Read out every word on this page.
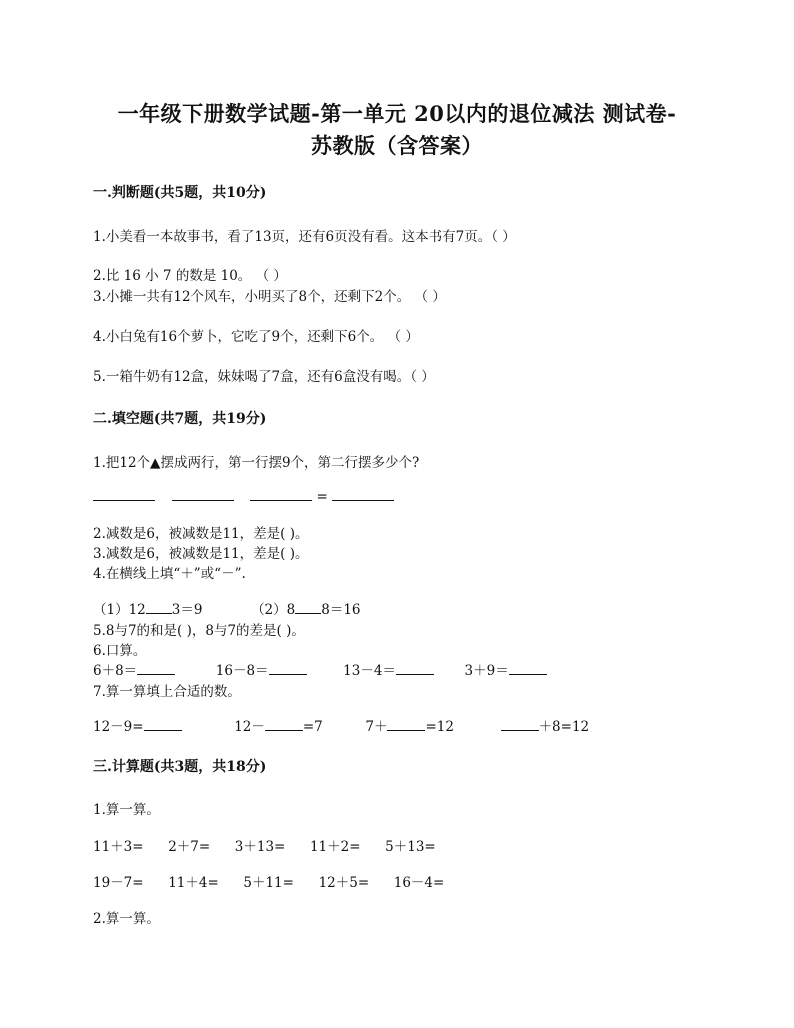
一年级下册数学试题-第一单元 20以内的退位减法 测试卷-
苏教版（含答案）
一.判断题(共5题，共10分)
1.小美看一本故事书，看了13页，还有6页没有看。这本书有7页。（ ）
2.比 16 小 7 的数是 10。 （ ）
3.小摊一共有12个风车，小明买了8个，还剩下2个。 （ ）
4.小白兔有16个萝卜，它吃了9个，还剩下6个。 （ ）
5.一箱牛奶有12盒，妹妹喝了7盒，还有6盒没有喝。（ ）
二.填空题(共7题，共19分)
1.把12个▲摆成两行，第一行摆9个，第二行摆多少个?
=
2.减数是6，被减数是11，差是( )。
3.减数是6，被减数是11，差是( )。
4.在横线上填“＋”或“－”.
（1）12 3＝9	（2）8 8＝16
5.8与7的和是( )，8与7的差是( )。
6.口算。
6＋8＝	16－8＝	13－4＝	3＋9＝
7.算一算填上合适的数。
12－9=	12－	=7	7＋	=12	＋8=12
三.计算题(共3题，共18分)
1.算一算。
11＋3= 2＋7= 3＋13= 11＋2= 5＋13=
19－7= 11＋4= 5＋11= 12＋5= 16－4=
2.算一算。
